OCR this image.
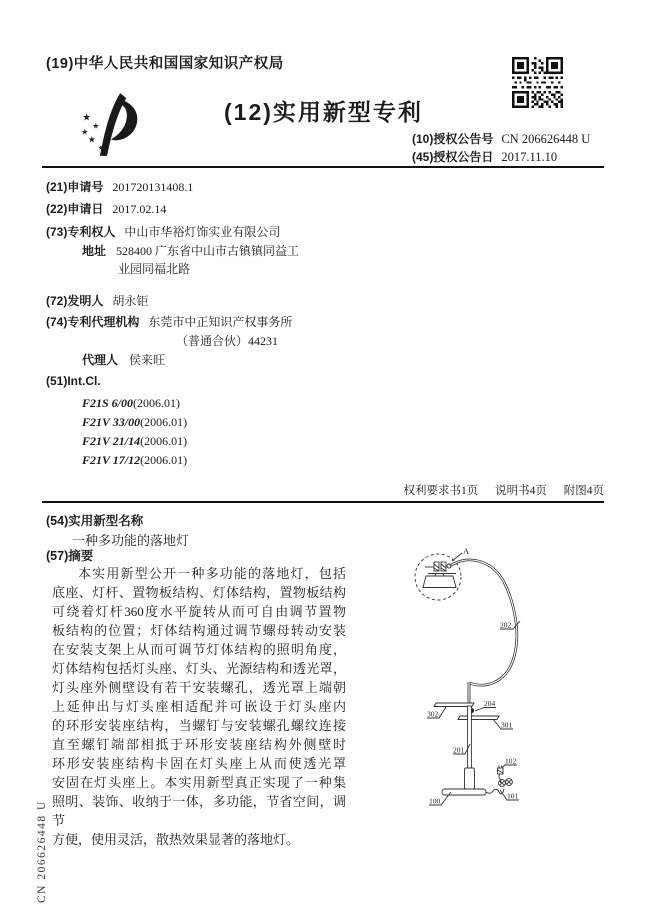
(19)中华人民共和国国家知识产权局
★
★
★
★
★
(12)实用新型专利
(10)授权公告号 CN 206626448 U
(45)授权公告日 2017.11.10
(21)申请号 201720131408.1
(22)申请日 2017.02.14
(73)专利权人 中山市华裕灯饰实业有限公司
地址 528400 广东省中山市古镇镇同益工
业园同福北路
(72)发明人 胡永钜
(74)专利代理机构 东莞市中正知识产权事务所
（普通合伙）44231
代理人 侯来旺
(51)Int.Cl.
F21S 6/00(2006.01)
F21V 33/00(2006.01)
F21V 21/14(2006.01)
F21V 17/12(2006.01)
权利要求书1页 说明书4页 附图4页
(54)实用新型名称
一种多功能的落地灯
(57)摘要
本实用新型公开一种多功能的落地灯，包括
底座、灯杆、置物板结构、灯体结构，置物板结构
可绕着灯杆360度水平旋转从而可自由调节置物
板结构的位置；灯体结构通过调节螺母转动安装
在安装支架上从而可调节灯体结构的照明角度，
灯体结构包括灯头座、灯头、光源结构和透光罩，
灯头座外侧壁设有若干安装螺孔，透光罩上端朝
上延伸出与灯头座相适配并可嵌设于灯头座内
的环形安装座结构，当螺钉与安装螺孔螺纹连接
直至螺钉端部相抵于环形安装座结构外侧壁时
环形安装座结构卡固在灯头座上从而使透光罩
安固在灯头座上。本实用新型真正实现了一种集
照明、装饰、收纳于一体，多功能，节省空间，调节
方便，使用灵活，散热效果显著的落地灯。
A
202
302
204
301
201
102
100
101
CN 206626448 U
